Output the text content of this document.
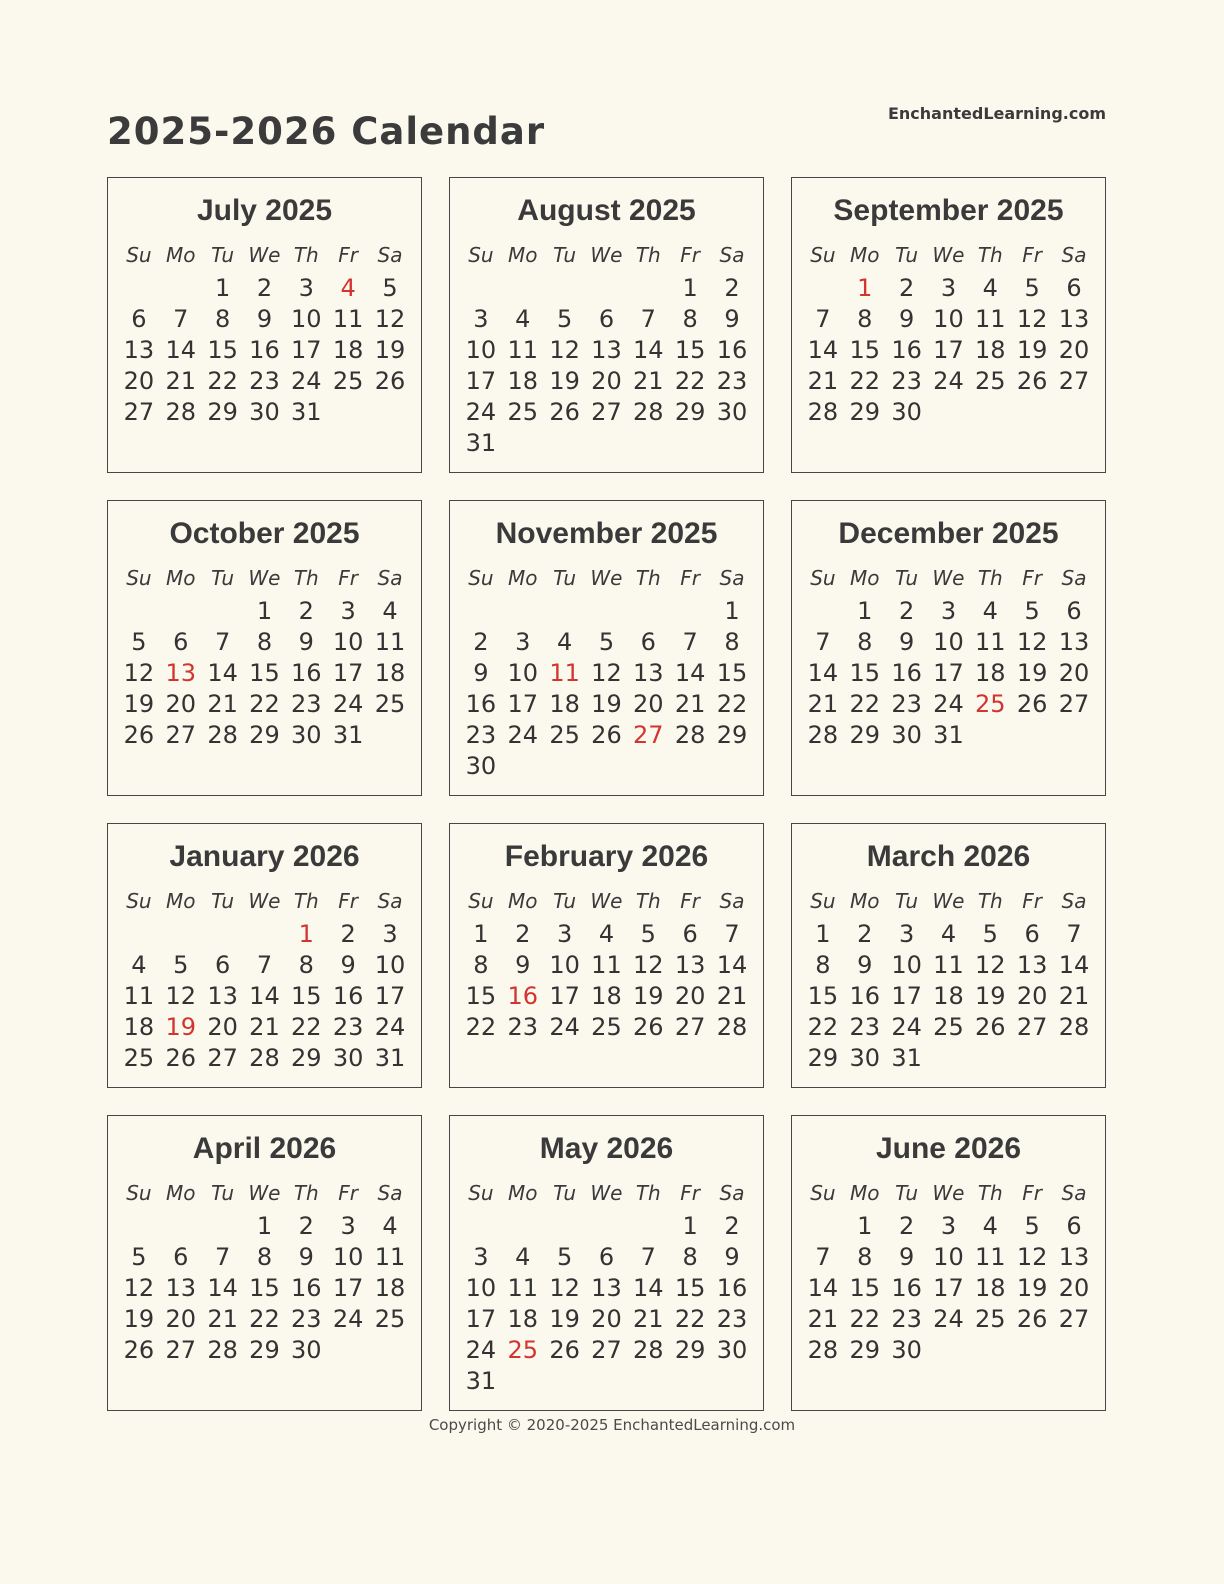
2025-2026 Calendar	EnchantedLearning.com
July 2025
Su	Mo	Tu	We	Th	Fr	Sa
		1	2	3	4	5
6	7	8	9	10	11	12
13	14	15	16	17	18	19
20	21	22	23	24	25	26
27	28	29	30	31		
August 2025
Su	Mo	Tu	We	Th	Fr	Sa
					1	2
3	4	5	6	7	8	9
10	11	12	13	14	15	16
17	18	19	20	21	22	23
24	25	26	27	28	29	30
31						
September 2025
Su	Mo	Tu	We	Th	Fr	Sa
	1	2	3	4	5	6
7	8	9	10	11	12	13
14	15	16	17	18	19	20
21	22	23	24	25	26	27
28	29	30				
October 2025
Su	Mo	Tu	We	Th	Fr	Sa
			1	2	3	4
5	6	7	8	9	10	11
12	13	14	15	16	17	18
19	20	21	22	23	24	25
26	27	28	29	30	31	
November 2025
Su	Mo	Tu	We	Th	Fr	Sa
						1
2	3	4	5	6	7	8
9	10	11	12	13	14	15
16	17	18	19	20	21	22
23	24	25	26	27	28	29
30						
December 2025
Su	Mo	Tu	We	Th	Fr	Sa
	1	2	3	4	5	6
7	8	9	10	11	12	13
14	15	16	17	18	19	20
21	22	23	24	25	26	27
28	29	30	31			
January 2026
Su	Mo	Tu	We	Th	Fr	Sa
				1	2	3
4	5	6	7	8	9	10
11	12	13	14	15	16	17
18	19	20	21	22	23	24
25	26	27	28	29	30	31
February 2026
Su	Mo	Tu	We	Th	Fr	Sa
1	2	3	4	5	6	7
8	9	10	11	12	13	14
15	16	17	18	19	20	21
22	23	24	25	26	27	28
March 2026
Su	Mo	Tu	We	Th	Fr	Sa
1	2	3	4	5	6	7
8	9	10	11	12	13	14
15	16	17	18	19	20	21
22	23	24	25	26	27	28
29	30	31				
April 2026
Su	Mo	Tu	We	Th	Fr	Sa
			1	2	3	4
5	6	7	8	9	10	11
12	13	14	15	16	17	18
19	20	21	22	23	24	25
26	27	28	29	30		
May 2026
Su	Mo	Tu	We	Th	Fr	Sa
					1	2
3	4	5	6	7	8	9
10	11	12	13	14	15	16
17	18	19	20	21	22	23
24	25	26	27	28	29	30
31						
June 2026
Su	Mo	Tu	We	Th	Fr	Sa
	1	2	3	4	5	6
7	8	9	10	11	12	13
14	15	16	17	18	19	20
21	22	23	24	25	26	27
28	29	30				
Copyright © 2020-2025 EnchantedLearning.com
